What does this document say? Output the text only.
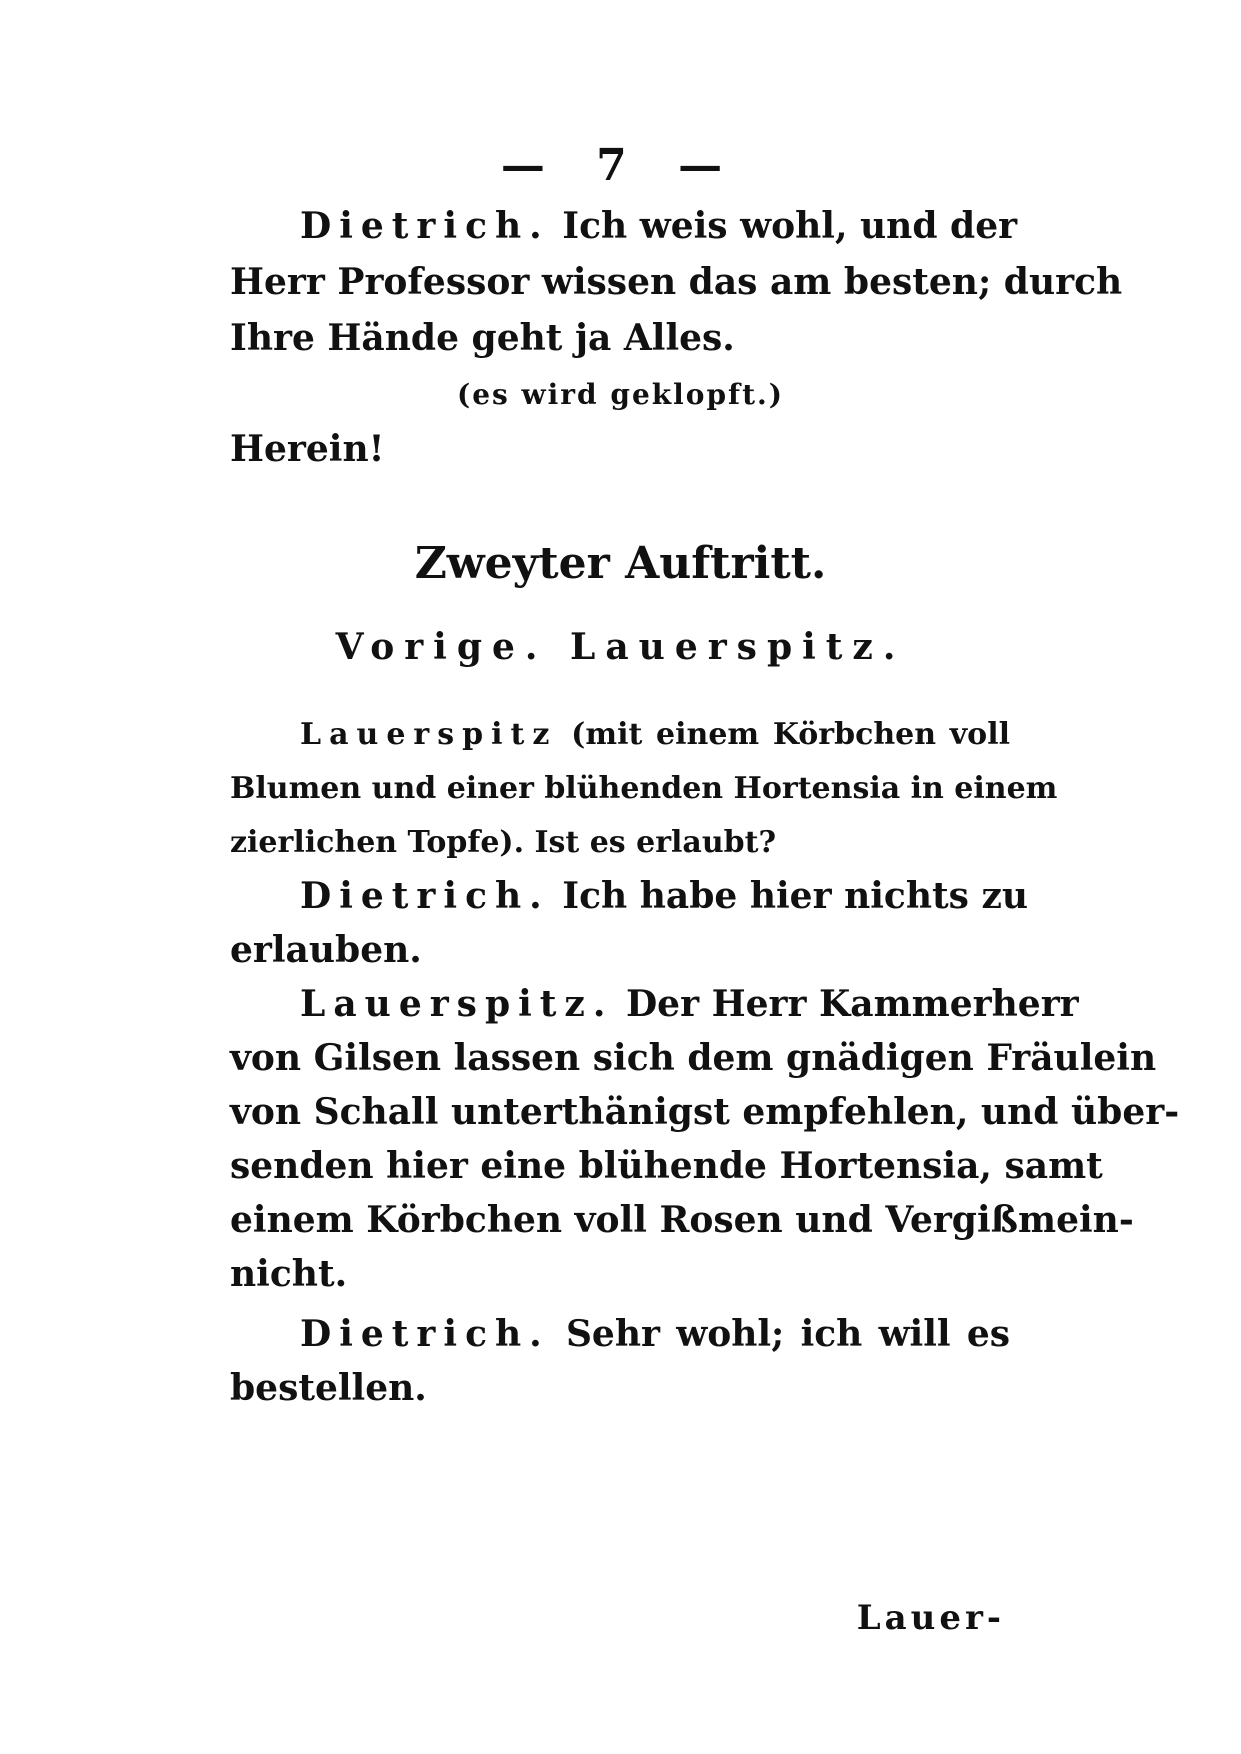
— 7 —
Dietrich. Ich weis wohl, und der
Herr Professor wissen das am besten; durch
Ihre Hände geht ja Alles.
(es wird geklopft.)
Herein!
Zweyter Auftritt.
Vorige. Lauerspitz.
Lauerspitz (mit einem Körbchen voll
Blumen und einer blühenden Hortensia in einem
zierlichen Topfe). Ist es erlaubt?
Dietrich. Ich habe hier nichts zu
erlauben.
Lauerspitz. Der Herr Kammerherr
von Gilsen lassen sich dem gnädigen Fräulein
von Schall unterthänigst empfehlen, und über-
senden hier eine blühende Hortensia, samt
einem Körbchen voll Rosen und Vergißmein-
nicht.
Dietrich. Sehr wohl; ich will es
bestellen.
Lauer-
